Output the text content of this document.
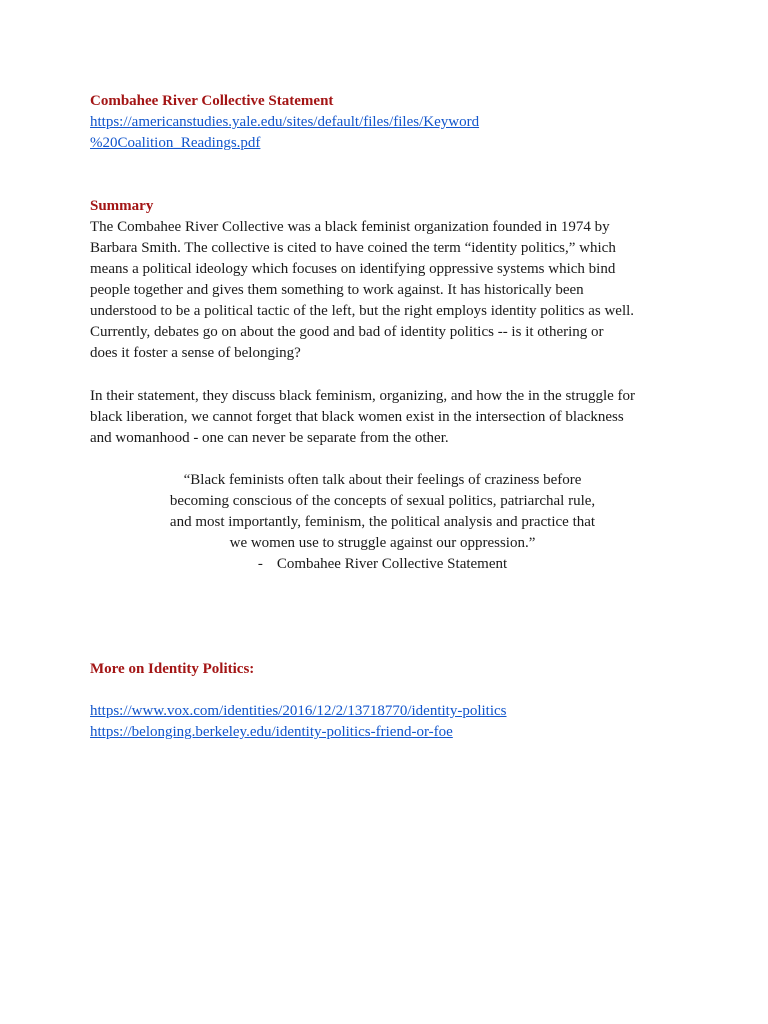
Combahee River Collective Statement

https://americanstudies.yale.edu/sites/default/files/files/Keyword
%20Coalition_Readings.pdf

Summary

The Combahee River Collective was a black feminist organization founded in 1974 by

Barbara Smith. The collective is cited to have coined the term “identity politics,” which

means a political ideology which focuses on identifying oppressive systems which bind

people together and gives them something to work against. It has historically been

understood to be a political tactic of the left, but the right employs identity politics as well.

Currently, debates go on about the good and bad of identity politics -- is it othering or

does it foster a sense of belonging?

In their statement, they discuss black feminism, organizing, and how the in the struggle for

black liberation, we cannot forget that black women exist in the intersection of blackness

and womanhood - one can never be separate from the other.

“Black feminists often talk about their feelings of craziness before
becoming conscious of the concepts of sexual politics, patriarchal rule,
and most importantly, feminism, the political analysis and practice that
we women use to struggle against our oppression.”
- Combahee River Collective Statement

More on Identity Politics:

https://www.vox.com/identities/2016/12/2/13718770/identity-politics
https://belonging.berkeley.edu/identity-politics-friend-or-foe
